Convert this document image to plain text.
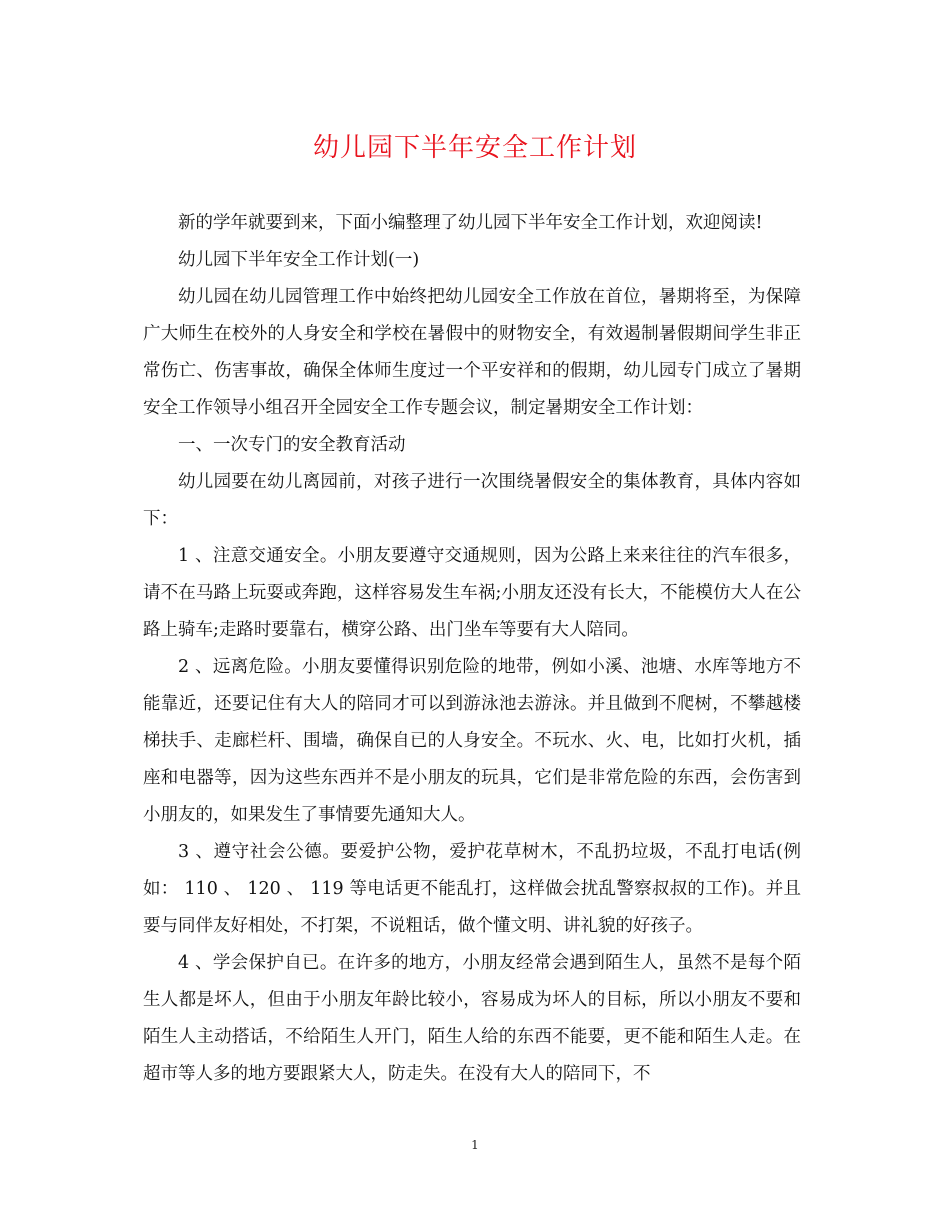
幼儿园下半年安全工作计划

新的学年就要到来，下面小编整理了幼儿园下半年安全工作计划，欢迎阅读!

幼儿园下半年安全工作计划(一)

幼儿园在幼儿园管理工作中始终把幼儿园安全工作放在首位，暑期将至，为保障广大师生在校外的人身安全和学校在暑假中的财物安全，有效遏制暑假期间学生非正常伤亡、伤害事故，确保全体师生度过一个平安祥和的假期，幼儿园专门成立了暑期安全工作领导小组召开全园安全工作专题会议，制定暑期安全工作计划：

一、一次专门的安全教育活动

幼儿园要在幼儿离园前，对孩子进行一次围绕暑假安全的集体教育，具体内容如下：

1 、注意交通安全。小朋友要遵守交通规则，因为公路上来来往往的汽车很多，请不在马路上玩耍或奔跑，这样容易发生车祸;小朋友还没有长大，不能模仿大人在公路上骑车;走路时要靠右，横穿公路、出门坐车等要有大人陪同。

2 、远离危险。小朋友要懂得识别危险的地带，例如小溪、池塘、水库等地方不能靠近，还要记住有大人的陪同才可以到游泳池去游泳。并且做到不爬树，不攀越楼梯扶手、走廊栏杆、围墙，确保自已的人身安全。不玩水、火、电，比如打火机，插座和电器等，因为这些东西并不是小朋友的玩具，它们是非常危险的东西，会伤害到小朋友的，如果发生了事情要先通知大人。

3 、遵守社会公德。要爱护公物，爱护花草树木，不乱扔垃圾，不乱打电话(例如： 110 、 120 、 119 等电话更不能乱打，这样做会扰乱警察叔叔的工作)。并且要与同伴友好相处，不打架，不说粗话，做个懂文明、讲礼貌的好孩子。

4 、学会保护自已。在许多的地方，小朋友经常会遇到陌生人，虽然不是每个陌生人都是坏人，但由于小朋友年龄比较小，容易成为坏人的目标，所以小朋友不要和陌生人主动搭话，不给陌生人开门，陌生人给的东西不能要，更不能和陌生人走。在超市等人多的地方要跟紧大人，防走失。在没有大人的陪同下，不

1
